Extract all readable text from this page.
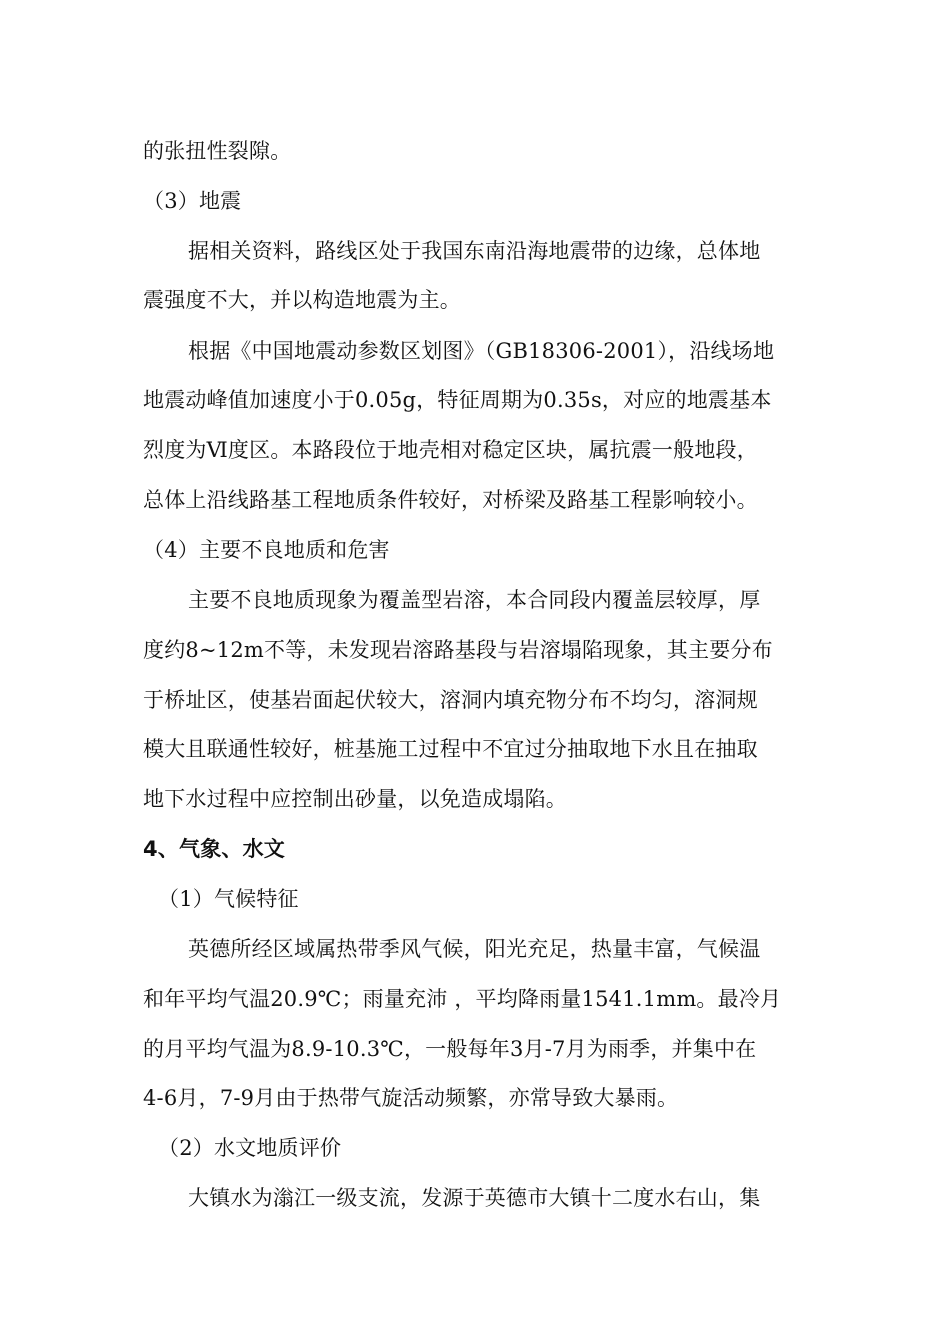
的张扭性裂隙。
（3）地震
据相关资料，路线区处于我国东南沿海地震带的边缘，总体地
震强度不大，并以构造地震为主。
根据《中国地震动参数区划图》（GB18306-2001），沿线场地
地震动峰值加速度小于0.05g，特征周期为0.35s，对应的地震基本
烈度为Ⅵ度区。本路段位于地壳相对稳定区块，属抗震一般地段，
总体上沿线路基工程地质条件较好，对桥梁及路基工程影响较小。
（4）主要不良地质和危害
主要不良地质现象为覆盖型岩溶，本合同段内覆盖层较厚，厚
度约8~12m不等，未发现岩溶路基段与岩溶塌陷现象，其主要分布
于桥址区，使基岩面起伏较大，溶洞内填充物分布不均匀，溶洞规
模大且联通性较好，桩基施工过程中不宜过分抽取地下水且在抽取
地下水过程中应控制出砂量，以免造成塌陷。
4、气象、水文
（1）气候特征
英德所经区域属热带季风气候，阳光充足，热量丰富，气候温
和年平均气温20.9℃；雨量充沛 ，平均降雨量1541.1mm。最冷月
的月平均气温为8.9-10.3℃，一般每年3月-7月为雨季，并集中在
4-6月，7-9月由于热带气旋活动频繁，亦常导致大暴雨。
（2）水文地质评价
大镇水为滃江一级支流，发源于英德市大镇十二度水右山，集
